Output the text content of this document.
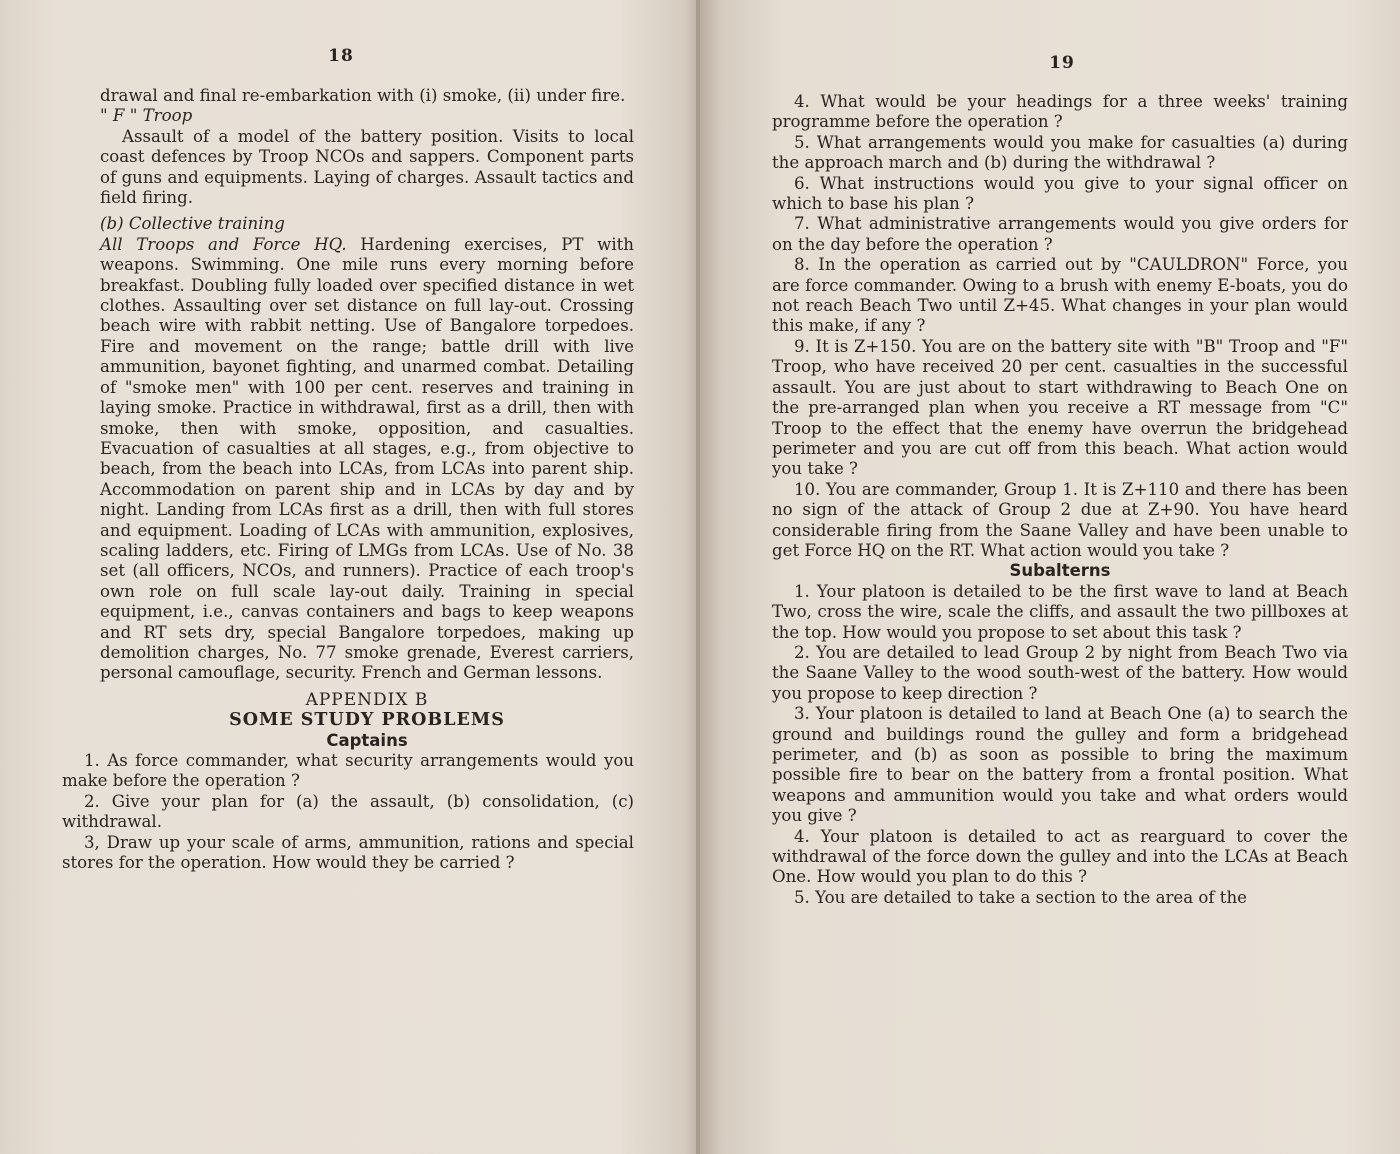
18

drawal and final re-embarkation with (i) smoke, (ii) under fire.

" F " Troop

Assault of a model of the battery position. Visits to local coast defences by Troop NCOs and sappers. Component parts of guns and equipments. Laying of charges. Assault tactics and field firing.

(b) Collective training

All Troops and Force HQ. Hardening exercises, PT with weapons. Swimming. One mile runs every morning before breakfast. Doubling fully loaded over specified distance in wet clothes. Assaulting over set distance on full lay-out. Crossing beach wire with rabbit netting. Use of Bangalore torpedoes. Fire and movement on the range; battle drill with live ammunition, bayonet fighting, and unarmed combat. Detailing of "smoke men" with 100 per cent. reserves and training in laying smoke. Practice in withdrawal, first as a drill, then with smoke, then with smoke, opposition, and casualties. Evacuation of casualties at all stages, e.g., from objective to beach, from the beach into LCAs, from LCAs into parent ship. Accommodation on parent ship and in LCAs by day and by night. Landing from LCAs first as a drill, then with full stores and equipment. Loading of LCAs with ammunition, explosives, scaling ladders, etc. Firing of LMGs from LCAs. Use of No. 38 set (all officers, NCOs, and runners). Practice of each troop's own role on full scale lay-out daily. Training in special equipment, i.e., canvas containers and bags to keep weapons and RT sets dry, special Bangalore torpedoes, making up demolition charges, No. 77 smoke grenade, Everest carriers, personal camouflage, security. French and German lessons.

APPENDIX B

SOME STUDY PROBLEMS

Captains

1. As force commander, what security arrangements would you make before the operation ?

2. Give your plan for (a) the assault, (b) consolidation, (c) withdrawal.

3, Draw up your scale of arms, ammunition, rations and special stores for the operation. How would they be carried ?

19

4. What would be your headings for a three weeks' training programme before the operation ?

5. What arrangements would you make for casualties (a) during the approach march and (b) during the withdrawal ?

6. What instructions would you give to your signal officer on which to base his plan ?

7. What administrative arrangements would you give orders for on the day before the operation ?

8. In the operation as carried out by "CAULDRON" Force, you are force commander. Owing to a brush with enemy E-boats, you do not reach Beach Two until Z+45. What changes in your plan would this make, if any ?

9. It is Z+150. You are on the battery site with "B" Troop and "F" Troop, who have received 20 per cent. casualties in the successful assault. You are just about to start withdrawing to Beach One on the pre-arranged plan when you receive a RT message from "C" Troop to the effect that the enemy have overrun the bridgehead perimeter and you are cut off from this beach. What action would you take ?

10. You are commander, Group 1. It is Z+110 and there has been no sign of the attack of Group 2 due at Z+90. You have heard considerable firing from the Saane Valley and have been unable to get Force HQ on the RT. What action would you take ?

Subalterns

1. Your platoon is detailed to be the first wave to land at Beach Two, cross the wire, scale the cliffs, and assault the two pillboxes at the top. How would you propose to set about this task ?

2. You are detailed to lead Group 2 by night from Beach Two via the Saane Valley to the wood south-west of the battery. How would you propose to keep direction ?

3. Your platoon is detailed to land at Beach One (a) to search the ground and buildings round the gulley and form a bridgehead perimeter, and (b) as soon as possible to bring the maximum possible fire to bear on the battery from a frontal position. What weapons and ammunition would you take and what orders would you give ?

4. Your platoon is detailed to act as rearguard to cover the withdrawal of the force down the gulley and into the LCAs at Beach One. How would you plan to do this ?

5. You are detailed to take a section to the area of the
